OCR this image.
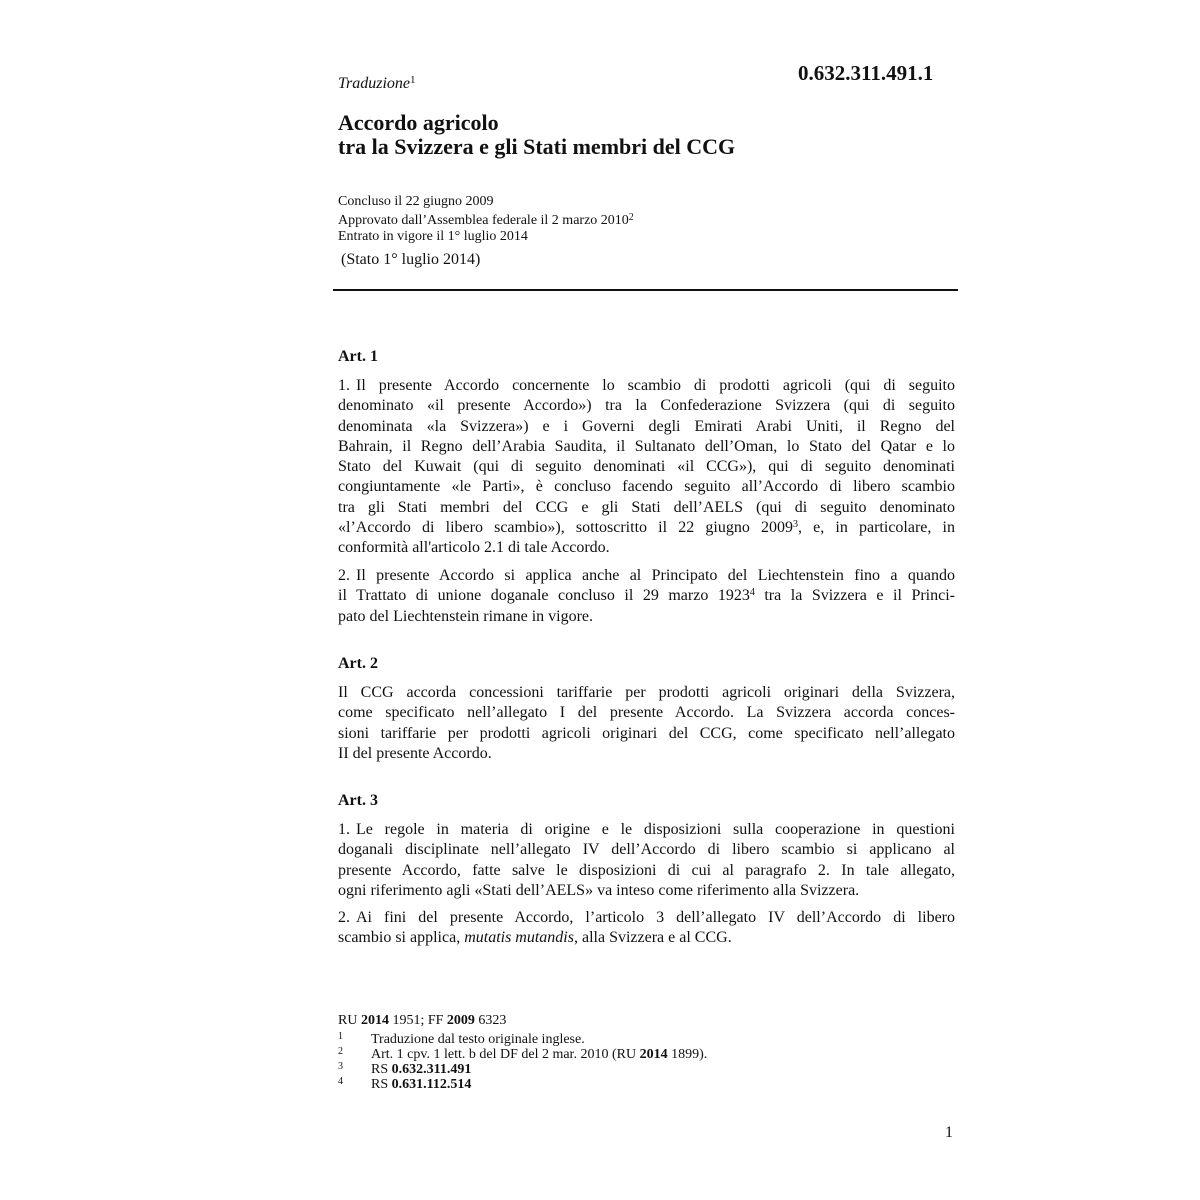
Traduzione$^1$	0.632.311.491.1
Accordo agricolo
tra la Svizzera e gli Stati membri del CCG
Concluso il 22 giugno 2009
Approvato dall’Assemblea federale il 2 marzo 2010$^2$
Entrato in vigore il 1° luglio 2014
(Stato 1° luglio 2014)
Art. 1
1. Il presente Accordo concernente lo scambio di prodotti agricoli (qui di seguito
denominato «il presente Accordo») tra la Confederazione Svizzera (qui di seguito
denominata «la Svizzera») e i Governi degli Emirati Arabi Uniti, il Regno del
Bahrain, il Regno dell’Arabia Saudita, il Sultanato dell’Oman, lo Stato del Qatar e lo
Stato del Kuwait (qui di seguito denominati «il CCG»), qui di seguito denominati
congiuntamente «le Parti», è concluso facendo seguito all’Accordo di libero scambio
tra gli Stati membri del CCG e gli Stati dell’AELS (qui di seguito denominato
«l’Accordo di libero scambio»), sottoscritto il 22 giugno 2009$^3$, e, in particolare, in
conformità all'articolo 2.1 di tale Accordo.
2. Il presente Accordo si applica anche al Principato del Liechtenstein fino a quando
il Trattato di unione doganale concluso il 29 marzo 1923$^4$ tra la Svizzera e il Princi-
pato del Liechtenstein rimane in vigore.
Art. 2
Il CCG accorda concessioni tariffarie per prodotti agricoli originari della Svizzera,
come specificato nell’allegato I del presente Accordo. La Svizzera accorda conces-
sioni tariffarie per prodotti agricoli originari del CCG, come specificato nell’allegato
II del presente Accordo.
Art. 3
1. Le regole in materia di origine e le disposizioni sulla cooperazione in questioni
doganali disciplinate nell’allegato IV dell’Accordo di libero scambio si applicano al
presente Accordo, fatte salve le disposizioni di cui al paragrafo 2. In tale allegato,
ogni riferimento agli «Stati dell’AELS» va inteso come riferimento alla Svizzera.
2. Ai fini del presente Accordo, l’articolo 3 dell’allegato IV dell’Accordo di libero
scambio si applica, mutatis mutandis, alla Svizzera e al CCG.
RU 2014 1951; FF 2009 6323
1	Traduzione dal testo originale inglese.
2	Art. 1 cpv. 1 lett. b del DF del 2 mar. 2010 (RU 2014 1899).
3	RS 0.632.311.491
4	RS 0.631.112.514
1
